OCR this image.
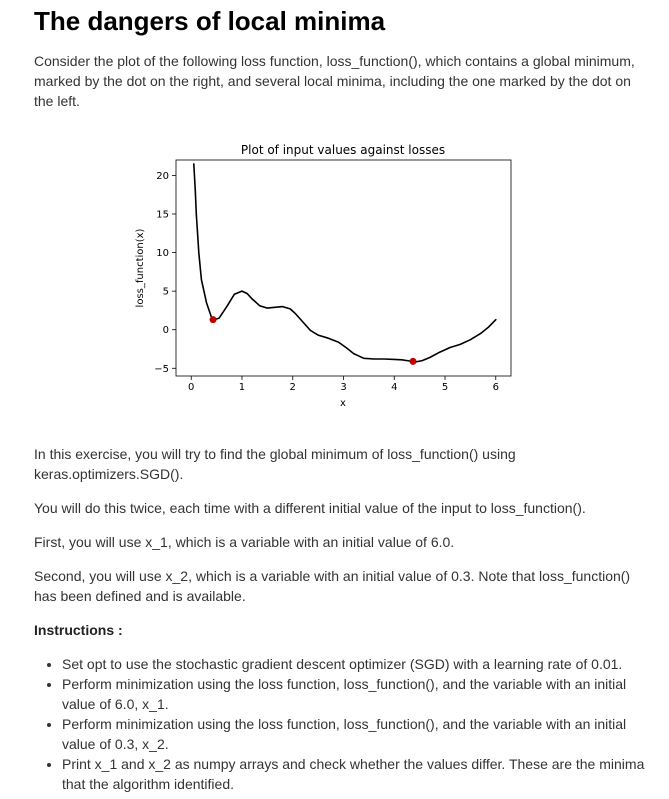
The dangers of local minima

Consider the plot of the following loss function, loss_function(), which contains a global minimum, marked by the dot on the right, and several local minima, including the one marked by the dot on the left.

Plot of input values against losses
0	1	2	3	4	5	6
−5
0
5
10
15
20
x
loss_function(x)

In this exercise, you will try to find the global minimum of loss_function() using keras.optimizers.SGD().

You will do this twice, each time with a different initial value of the input to loss_function().

First, you will use x_1, which is a variable with an initial value of 6.0.

Second, you will use x_2, which is a variable with an initial value of 0.3. Note that loss_function() has been defined and is available.

Instructions :

• Set opt to use the stochastic gradient descent optimizer (SGD) with a learning rate of 0.01.
• Perform minimization using the loss function, loss_function(), and the variable with an initial value of 6.0, x_1.
• Perform minimization using the loss function, loss_function(), and the variable with an initial value of 0.3, x_2.
• Print x_1 and x_2 as numpy arrays and check whether the values differ. These are the minima that the algorithm identified.
